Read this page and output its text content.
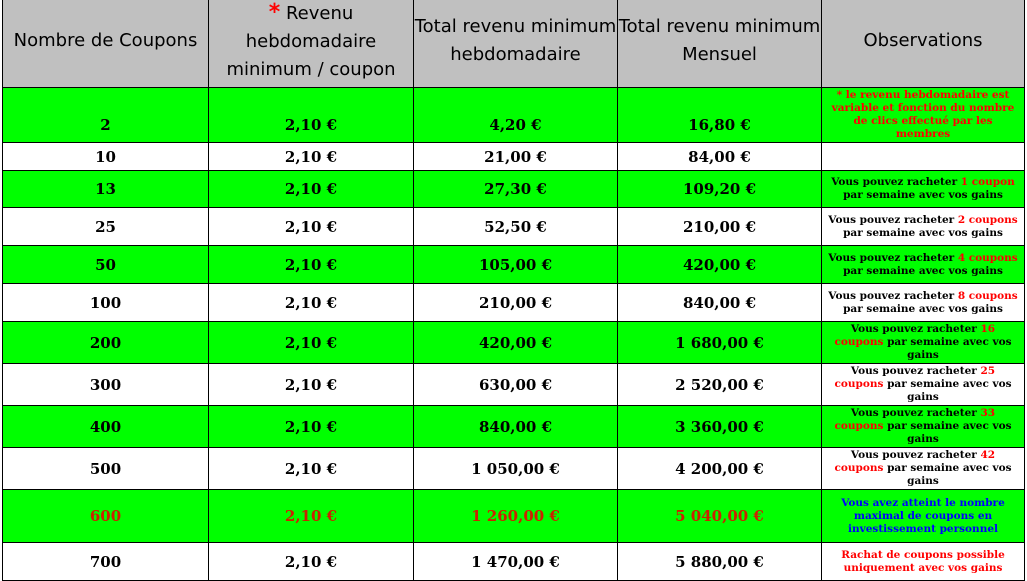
Nombre de Coupons	* Revenu hebdomadaire minimum / coupon	Total revenu minimum hebdomadaire	Total revenu minimum Mensuel	Observations
2	2,10 €	4,20 €	16,80 €	* le revenu hebdomadaire est variable et fonction du nombre de clics effectué par les membres
10	2,10 €	21,00 €	84,00 €	
13	2,10 €	27,30 €	109,20 €	Vous pouvez racheter 1 coupon par semaine avec vos gains
25	2,10 €	52,50 €	210,00 €	Vous pouvez racheter 2 coupons par semaine avec vos gains
50	2,10 €	105,00 €	420,00 €	Vous pouvez racheter 4 coupons par semaine avec vos gains
100	2,10 €	210,00 €	840,00 €	Vous pouvez racheter 8 coupons par semaine avec vos gains
200	2,10 €	420,00 €	1 680,00 €	Vous pouvez racheter 16 coupons par semaine avec vos gains
300	2,10 €	630,00 €	2 520,00 €	Vous pouvez racheter 25 coupons par semaine avec vos gains
400	2,10 €	840,00 €	3 360,00 €	Vous pouvez racheter 33 coupons par semaine avec vos gains
500	2,10 €	1 050,00 €	4 200,00 €	Vous pouvez racheter 42 coupons par semaine avec vos gains
600	2,10 €	1 260,00 €	5 040,00 €	Vous avez atteint le nombre maximal de coupons en investissement personnel
700	2,10 €	1 470,00 €	5 880,00 €	Rachat de coupons possible uniquement avec vos gains
